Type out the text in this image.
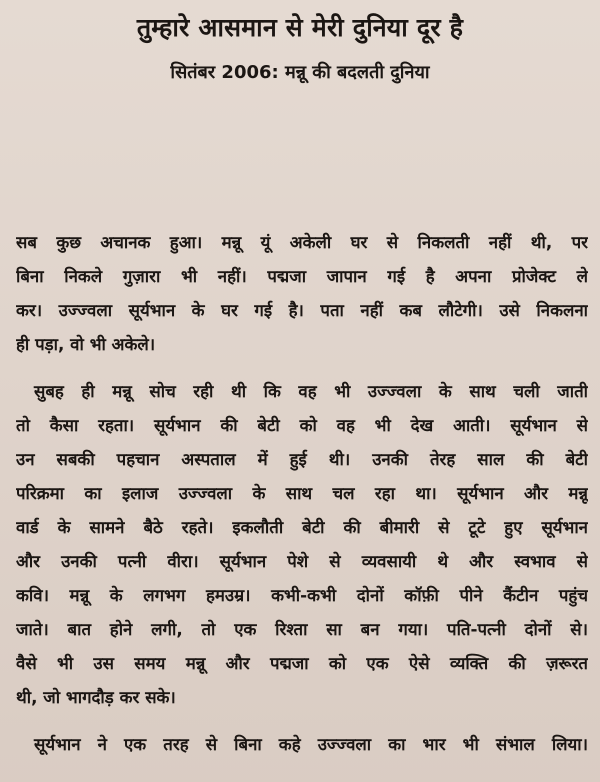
तुम्हारे आसमान से मेरी दुनिया दूर है
सितंबर 2006: मन्नू की बदलती दुनिया
सब कुछ अचानक हुआ। मन्नू यूं अकेली घर से निकलती नहीं थी, पर
बिना निकले गुज़ारा भी नहीं। पद्मजा जापान गई है अपना प्रोजेक्ट ले
कर। उज्ज्वला सूर्यभान के घर गई है। पता नहीं कब लौटेगी। उसे निकलना
ही पड़ा, वो भी अकेले।
सुबह ही मन्नू सोच रही थी कि वह भी उज्ज्वला के साथ चली जाती
तो कैसा रहता। सूर्यभान की बेटी को वह भी देख आती। सूर्यभान से
उन सबकी पहचान अस्पताल में हुई थी। उनकी तेरह साल की बेटी
परिक्रमा का इलाज उज्ज्वला के साथ चल रहा था। सूर्यभान और मन्नू
वार्ड के सामने बैठे रहते। इकलौती बेटी की बीमारी से टूटे हुए सूर्यभान
और उनकी पत्नी वीरा। सूर्यभान पेशे से व्यवसायी थे और स्वभाव से
कवि। मन्नू के लगभग हमउम्र। कभी-कभी दोनों कॉफ़ी पीने कैंटीन पहुंच
जाते। बात होने लगी, तो एक रिश्ता सा बन गया। पति-पत्नी दोनों से।
वैसे भी उस समय मन्नू और पद्मजा को एक ऐसे व्यक्ति की ज़रूरत
थी, जो भागदौड़ कर सके।
सूर्यभान ने एक तरह से बिना कहे उज्ज्वला का भार भी संभाल लिया।
